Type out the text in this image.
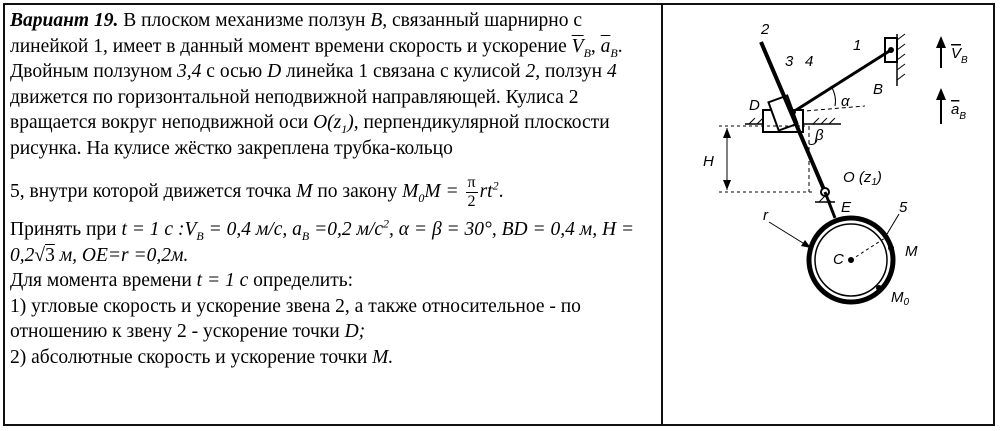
Вариант 19. В плоском механизме ползун B, связанный шарнирно с линейкой 1, имеет в данный момент времени скорость и ускорение $\overline{V}_B$, $\overline{a}_B$. Двойным ползуном 3,4 с осью D линейка 1 связана с кулисой 2, ползун 4 движется по горизонтальной неподвижной направляющей. Кулиса 2 вращается вокруг неподвижной оси $O(z_1)$, перпендикулярной плоскости рисунка. На кулисе жёстко закреплена трубка-кольцо

5, внутри которой движется точка M по закону $M_0M = \frac{\pi}{2} rt^2$.

Принять при t = 1 c $:V_B = 0,4$ м/с, $a_B =0,2$ $м/с^2$, α = β = 30°, BD = 0,4 м, H = 0,2√3 м, OE=r =0,2м.

Для момента времени t = 1 c определить:

1) угловые скорость и ускорение звена 2, а также относительное - по отношению к звену 2 - ускорение точки D;

2) абсолютные скорость и ускорение точки M.

α
β
H
O $(z_1)$
E
C
r	5
M
$M_0$
1
2
3 4
B
D
$V_B$
$a_B$
